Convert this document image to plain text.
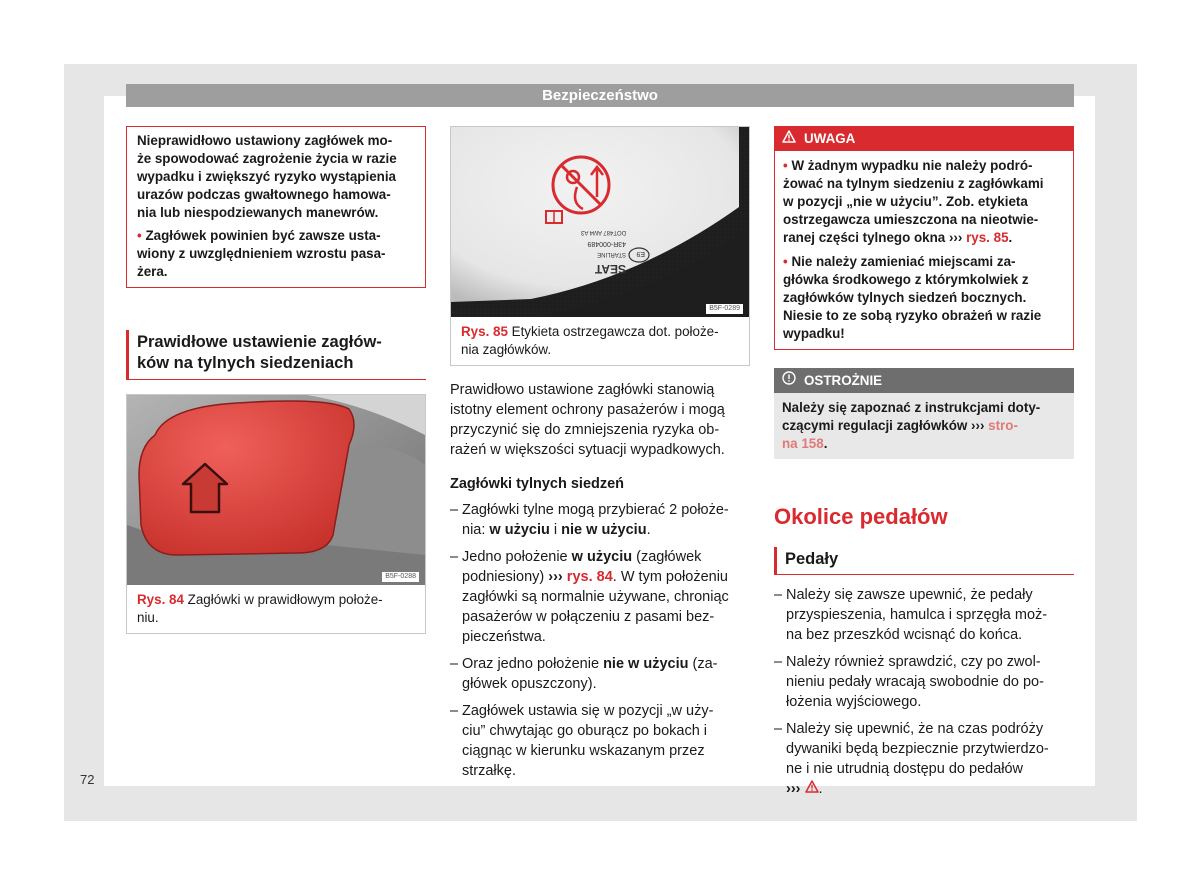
Bezpieczeństwo

Nieprawidłowo ustawiony zagłówek mo-
że spowodować zagrożenie życia w razie
wypadku i zwiększyć ryzyko wystąpienia
urazów podczas gwałtownego hamowa-
nia lub niespodziewanych manewrów.

• Zagłówek powinien być zawsze usta-
wiony z uwzględnieniem wzrostu pasa-
żera.

Prawidłowe ustawienie zagłów-
ków na tylnych siedzeniach
B5F-0288
Rys. 84 Zagłówki w prawidłowym położe-
niu.
SEAT
STARLINE
43R-000489
DOT487 AM4 A3
E9
B5F-0289
Rys. 85 Etykieta ostrzegawcza dot. położe-
nia zagłówków.

Prawidłowo ustawione zagłówki stanowią
istotny element ochrony pasażerów i mogą
przyczynić się do zmniejszenia ryzyka ob-
rażeń w większości sytuacji wypadkowych.

Zagłówki tylnych siedzeń
– Zagłówki tylne mogą przybierać 2 położe-
nia: w użyciu i nie w użyciu.
– Jedno położenie w użyciu (zagłówek
podniesiony) ››› rys. 84. W tym położeniu
zagłówki są normalnie używane, chroniąc
pasażerów w połączeniu z pasami bez-
pieczeństwa.
– Oraz jedno położenie nie w użyciu (za-
główek opuszczony).
– Zagłówek ustawia się w pozycji „w uży-
ciu” chwytając go oburącz po bokach i
ciągnąc w kierunku wskazanym przez
strzałkę.
UWAGA

• W żadnym wypadku nie należy podró-
żować na tylnym siedzeniu z zagłówkami
w pozycji „nie w użyciu”. Zob. etykieta
ostrzegawcza umieszczona na nieotwie-
ranej części tylnego okna ››› rys. 85.

• Nie należy zamieniać miejscami za-
główka środkowego z którymkolwiek z
zagłówków tylnych siedzeń bocznych.
Niesie to ze sobą ryzyko obrażeń w razie
wypadku!

OSTROŻNIE
Należy się zapoznać z instrukcjami doty-
czącymi regulacji zagłówków ››› stro-
na 158.
Okolice pedałów
Pedały
– Należy się zawsze upewnić, że pedały
przyspieszenia, hamulca i sprzęgła moż-
na bez przeszkód wcisnąć do końca.
– Należy również sprawdzić, czy po zwol-
nieniu pedały wracają swobodnie do po-
łożenia wyjściowego.
– Należy się upewnić, że na czas podróży
dywaniki będą bezpiecznie przytwierdzo-
ne i nie utrudnią dostępu do pedałów
››› .
72
